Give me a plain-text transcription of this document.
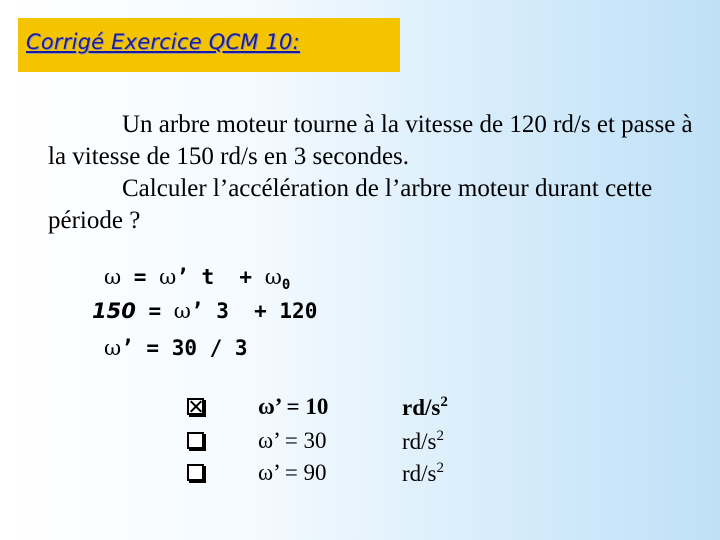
Corrigé Exercice QCM 10:

Un arbre moteur tourne à la vitesse de 120 rd/s et passe à la vitesse de 150 rd/s en 3 secondes.

Calculer l’accélération de l’arbre moteur durant cette période ?

ω = ω’ $t + \omega_0$
150 = ω’ 3  + 120
ω’ = 30 / 3
ω’ = 10	$rd/s^2$
ω’ = 30	$rd/s^2$
ω’ = 90	$rd/s^2$
